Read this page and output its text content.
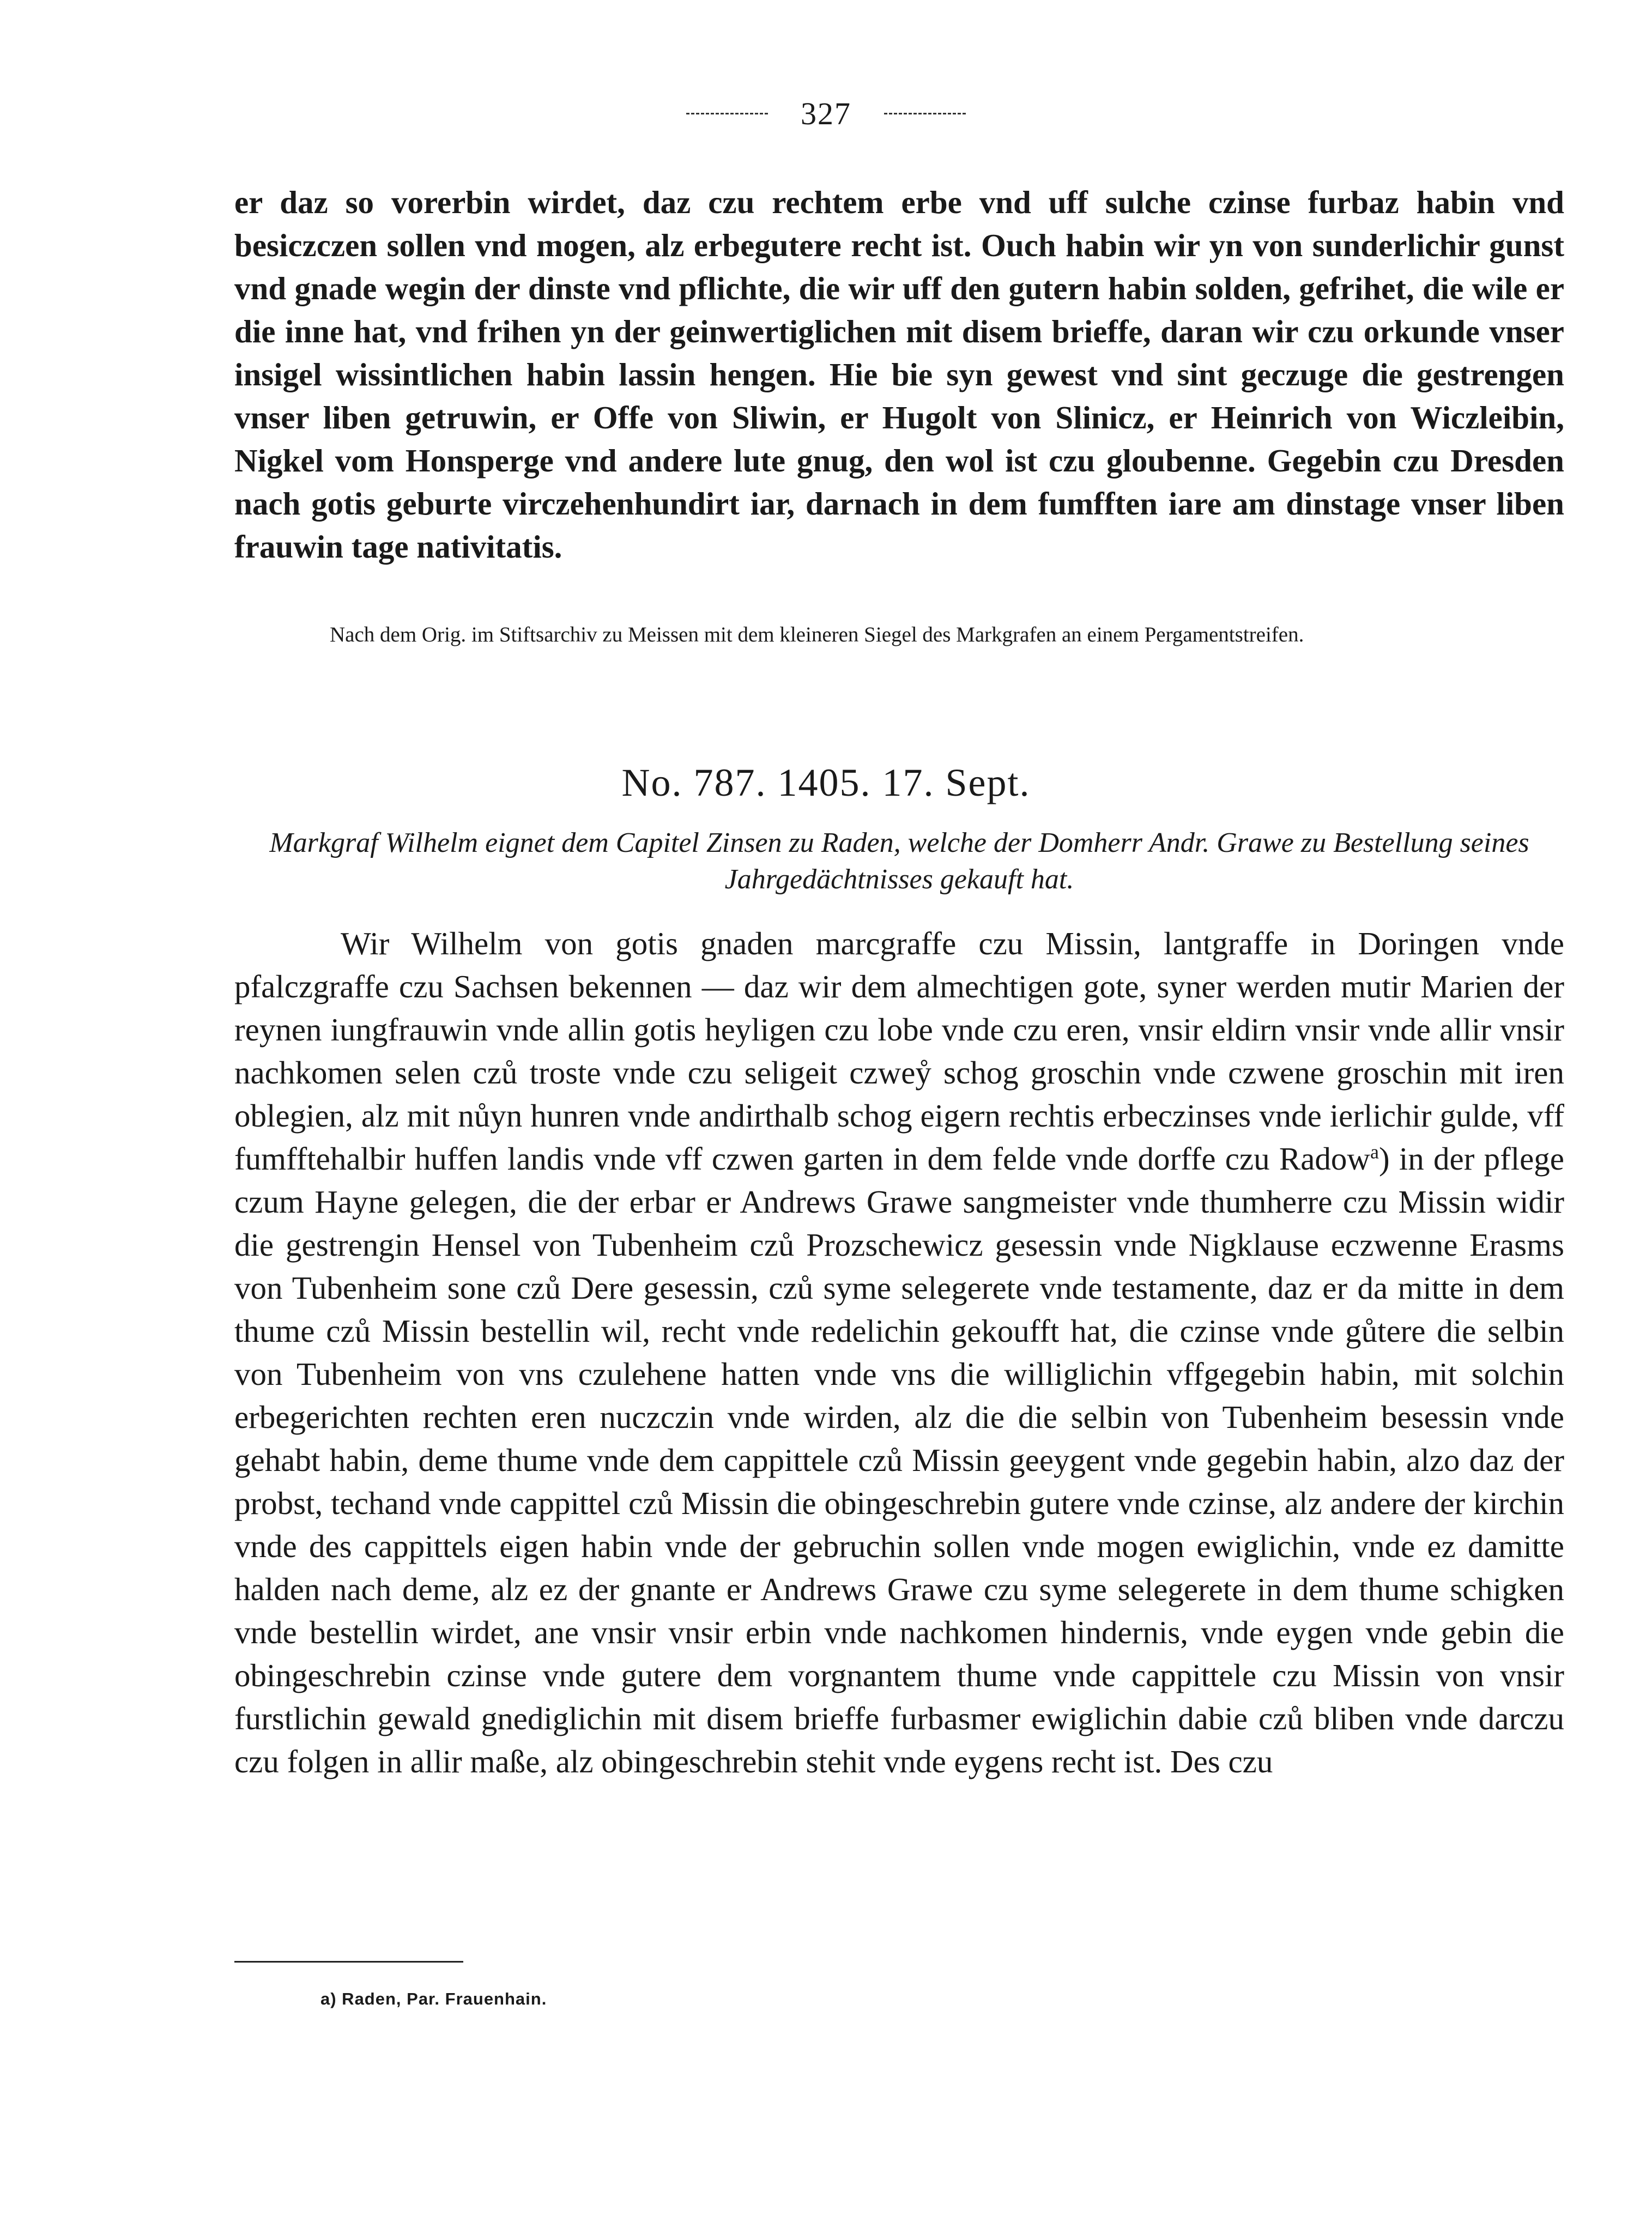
327

er daz so vorerbin wirdet, daz czu rechtem erbe vnd uff sulche czinse furbaz habin vnd besiczczen sollen vnd mogen, alz erbegutere recht ist. Ouch habin wir yn von sunderlichir gunst vnd gnade wegin der dinste vnd pflichte, die wir uff den gutern habin solden, gefrihet, die wile er die inne hat, vnd frihen yn der geinwertiglichen mit disem brieffe, daran wir czu orkunde vnser insigel wissintlichen habin lassin hengen. Hie bie syn gewest vnd sint geczuge die gestrengen vnser liben getruwin, er Offe von Sliwin, er Hugolt von Slinicz, er Heinrich von Wiczleibin, Nigkel vom Honsperge vnd andere lute gnug, den wol ist czu gloubenne. Gegebin czu Dresden nach gotis geburte virczehenhundirt iar, darnach in dem fumfften iare am dinstage vnser liben frauwin tage nativitatis.

Nach dem Orig. im Stiftsarchiv zu Meissen mit dem kleineren Siegel des Markgrafen an einem Pergamentstreifen.
No. 787. 1405. 17. Sept.
Markgraf Wilhelm eignet dem Capitel Zinsen zu Raden, welche der Domherr Andr. Grawe zu Bestellung seines Jahrgedächtnisses gekauft hat.

Wir Wilhelm von gotis gnaden marcgraffe czu Missin, lantgraffe in Doringen vnde pfalczgraffe czu Sachsen bekennen — daz wir dem almechtigen gote, syner werden mutir Marien der reynen iungfrauwin vnde allin gotis heyligen czu lobe vnde czu eren, vnsir eldirn vnsir vnde allir vnsir nachkomen selen czů troste vnde czu seligeit czweẙ schog groschin vnde czwene groschin mit iren oblegien, alz mit nůyn hunren vnde andirthalb schog eigern rechtis erbeczinses vnde ierlichir gulde, vff fumfftehalbir huffen landis vnde vff czwen garten in dem felde vnde dorffe czu Radow$^a$) in der pflege czum Hayne gelegen, die der erbar er Andrews Grawe sangmeister vnde thumherre czu Missin widir die gestrengin Hensel von Tubenheim czů Prozschewicz gesessin vnde Nigklause eczwenne Erasms von Tubenheim sone czů Dere gesessin, czů syme selegerete vnde testamente, daz er da mitte in dem thume czů Missin bestellin wil, recht vnde redelichin gekoufft hat, die czinse vnde gůtere die selbin von Tubenheim von vns czulehene hatten vnde vns die williglichin vffgegebin habin, mit solchin erbegerichten rechten eren nuczczin vnde wirden, alz die die selbin von Tubenheim besessin vnde gehabt habin, deme thume vnde dem cappittele czů Missin geeygent vnde gegebin habin, alzo daz der probst, techand vnde cappittel czů Missin die obingeschrebin gutere vnde czinse, alz andere der kirchin vnde des cappittels eigen habin vnde der gebruchin sollen vnde mogen ewiglichin, vnde ez damitte halden nach deme, alz ez der gnante er Andrews Grawe czu syme selegerete in dem thume schigken vnde bestellin wirdet, ane vnsir vnsir erbin vnde nachkomen hindernis, vnde eygen vnde gebin die obingeschrebin czinse vnde gutere dem vorgnantem thume vnde cappittele czu Missin von vnsir furstlichin gewald gnediglichin mit disem brieffe furbasmer ewiglichin dabie czů bliben vnde darczu czu folgen in allir maße, alz obingeschrebin stehit vnde eygens recht ist. Des czu

a) Raden, Par. Frauenhain.
